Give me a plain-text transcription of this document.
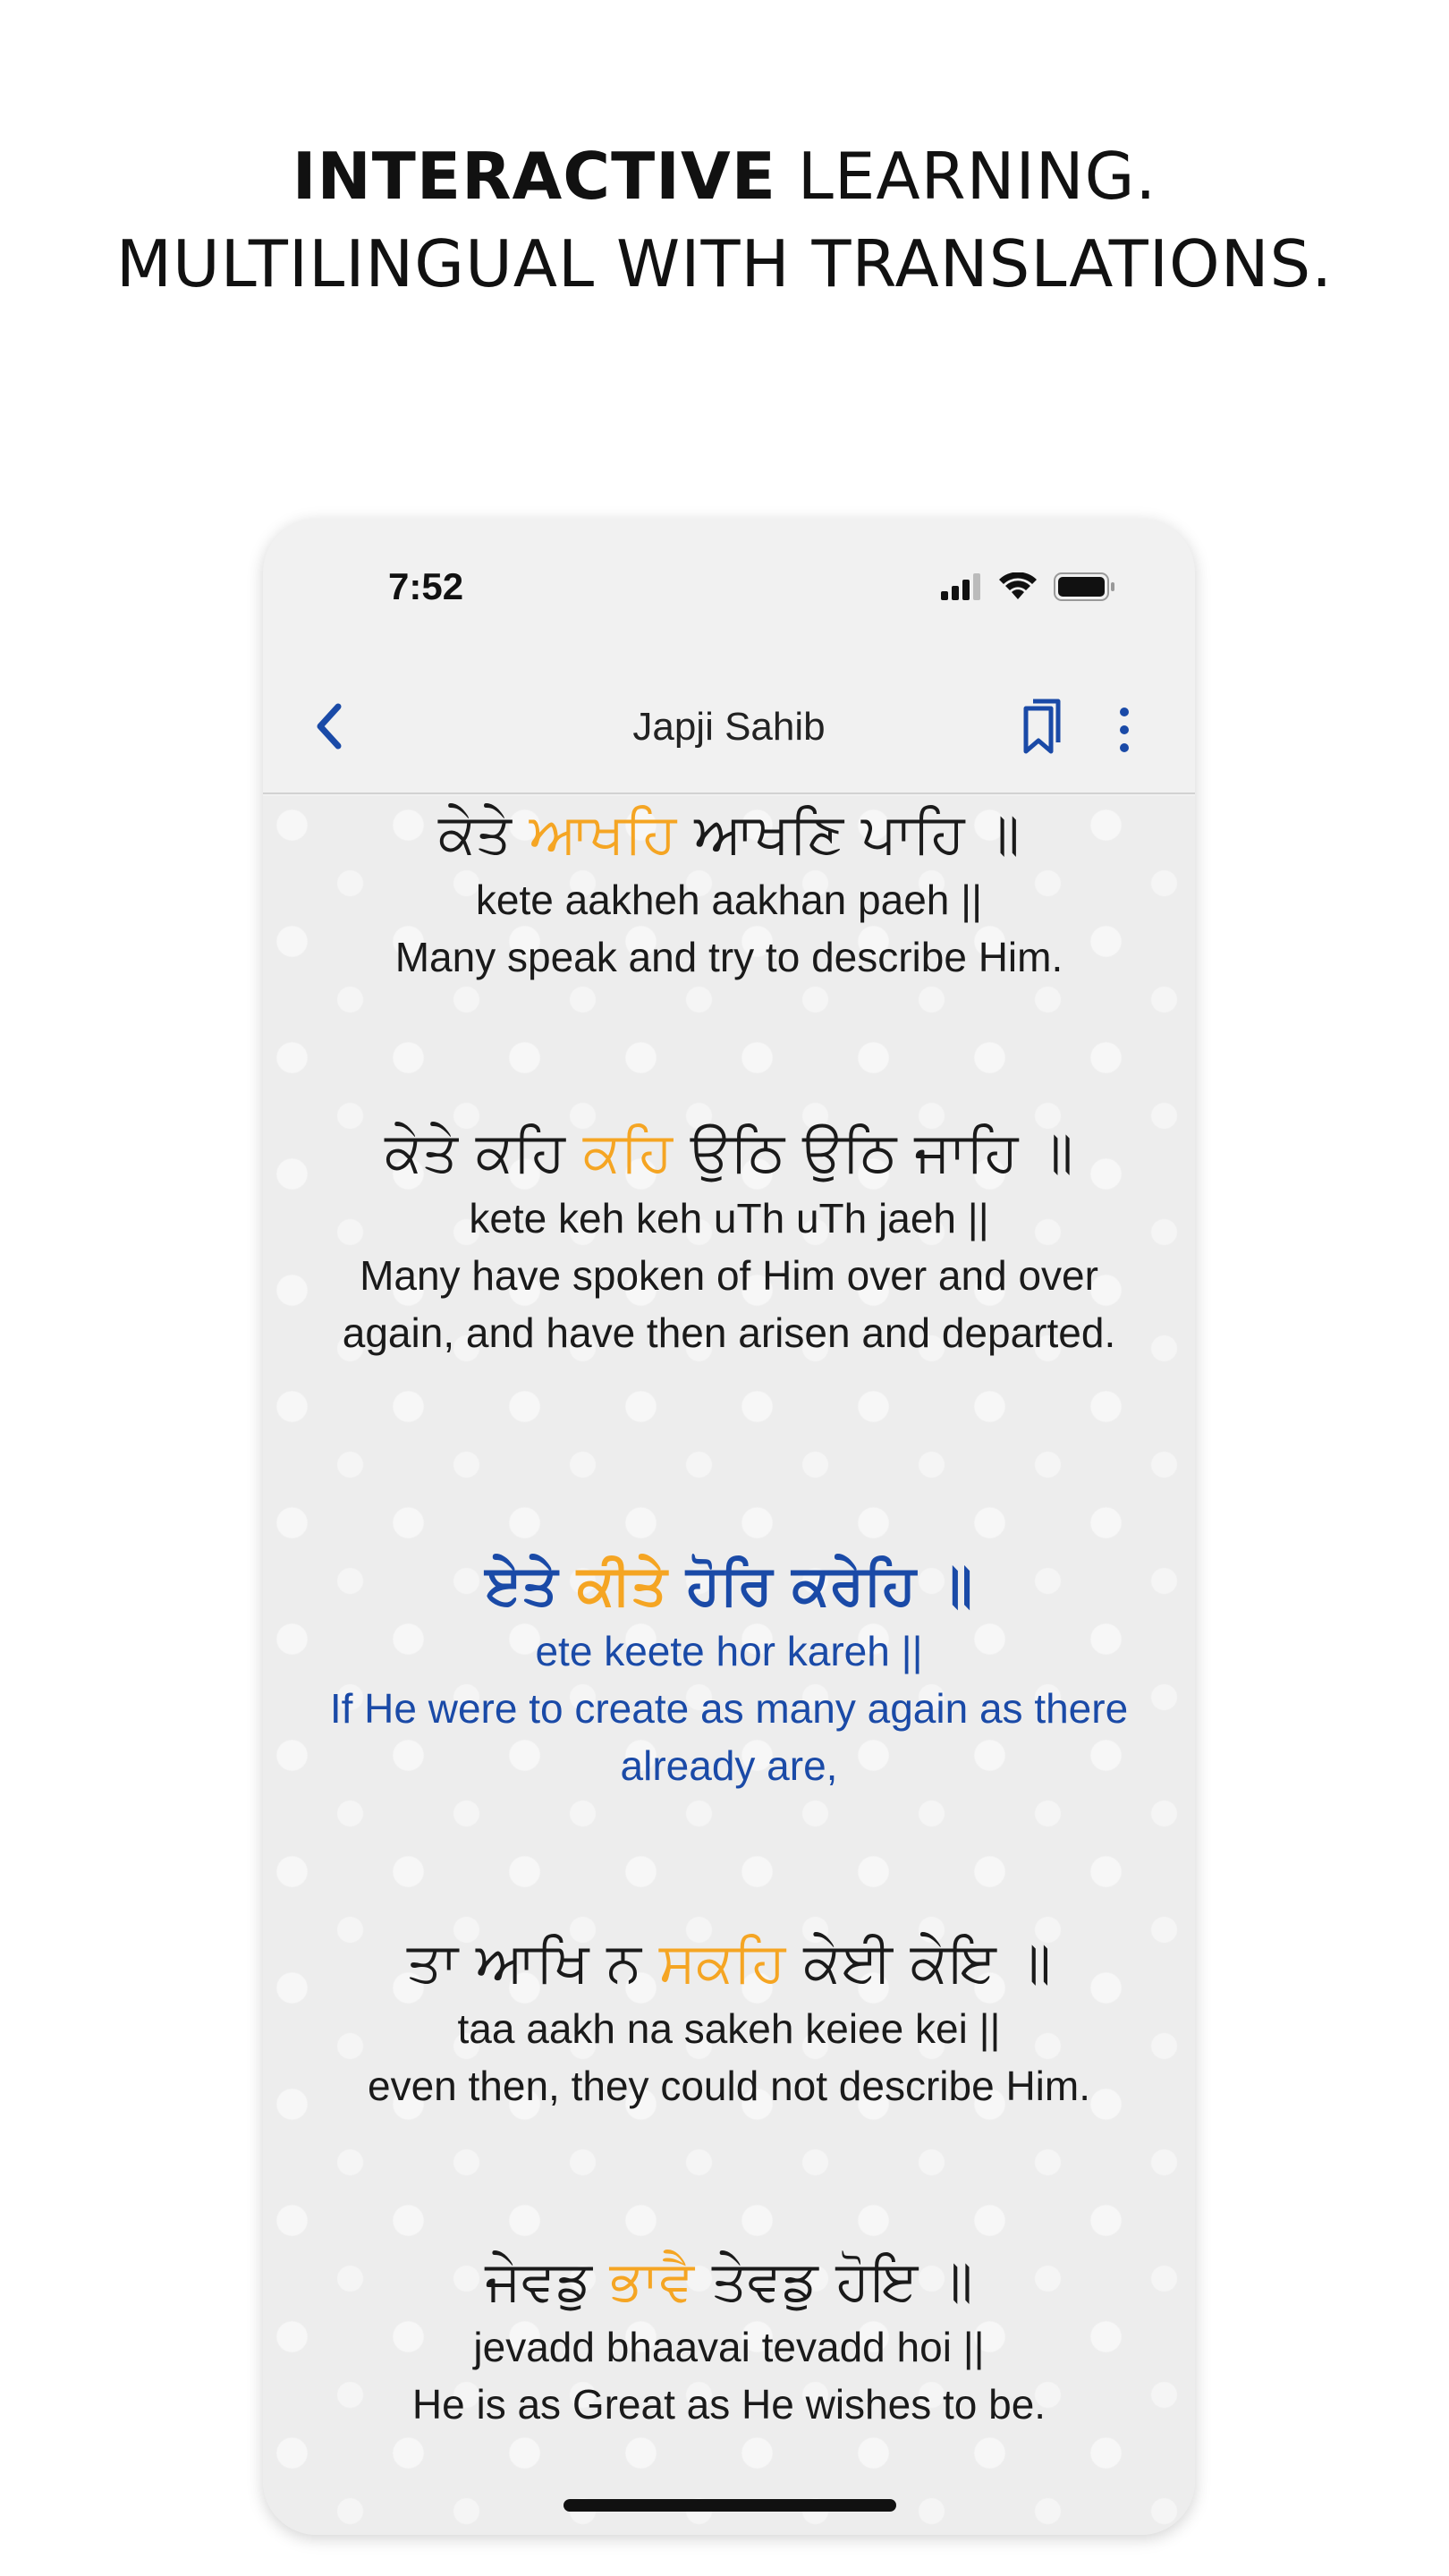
INTERACTIVE LEARNING.
MULTILINGUAL WITH TRANSLATIONS.
7:52
Japji Sahib
ਕੇਤੇ ਆਖਹਿ ਆਖਣਿ ਪਾਹਿ ॥
kete aakheh aakhan paeh ||
Many speak and try to describe Him.
ਕੇਤੇ ਕਹਿ ਕਹਿ ਉਠਿ ਉਠਿ ਜਾਹਿ ॥
kete keh keh uTh uTh jaeh ||
Many have spoken of Him over and over again, and have then arisen and departed.
ਏਤੇ ਕੀਤੇ ਹੋਰਿ ਕਰੇਹਿ ॥
ete keete hor kareh ||
If He were to create as many again as there already are,
ਤਾ ਆਖਿ ਨ ਸਕਹਿ ਕੇਈ ਕੇਇ ॥
taa aakh na sakeh keiee kei ||
even then, they could not describe Him.
ਜੇਵਡੁ ਭਾਵੈ ਤੇਵਡੁ ਹੋਇ ॥
jevadd bhaavai tevadd hoi ||
He is as Great as He wishes to be.
